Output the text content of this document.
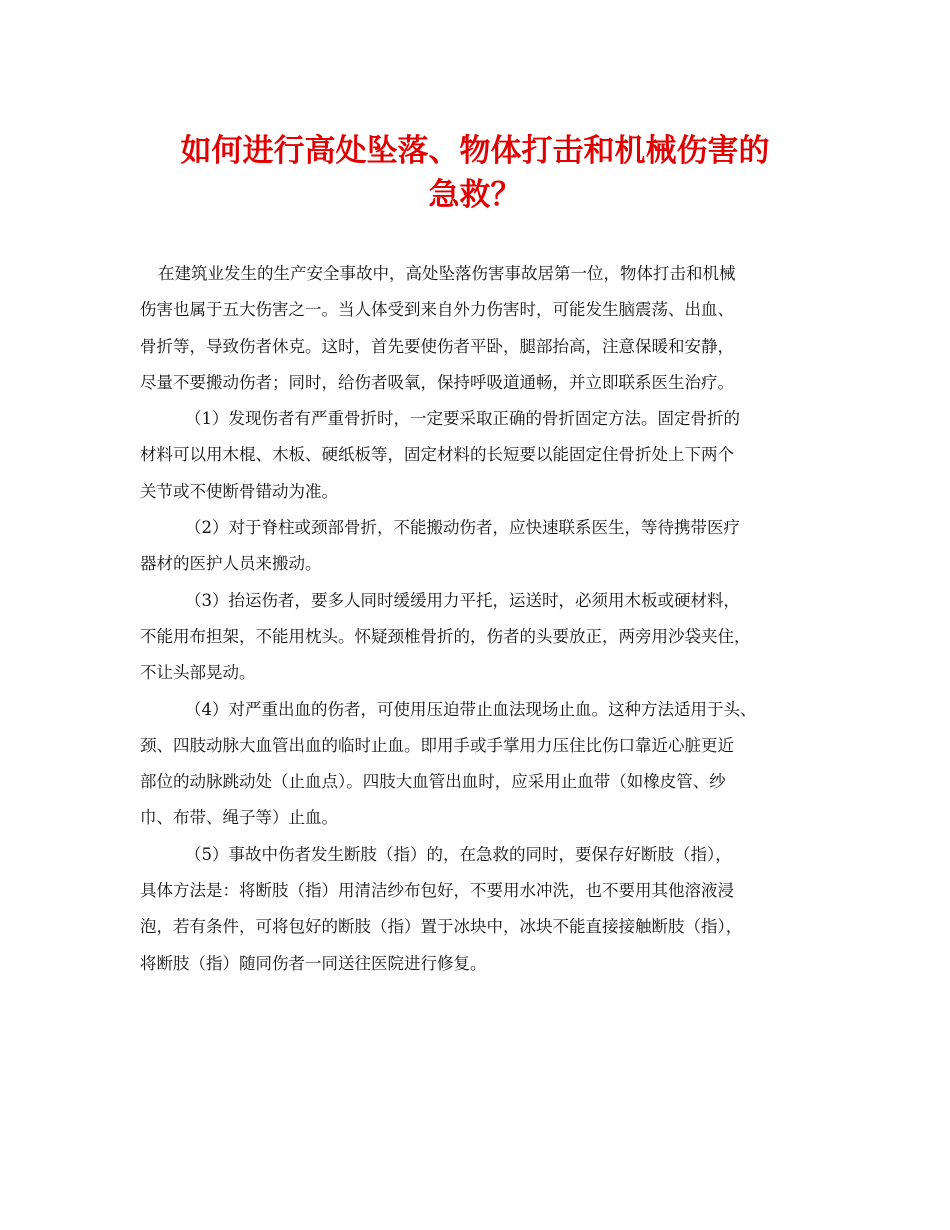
如何进行高处坠落、物体打击和机械伤害的
急救？
在建筑业发生的生产安全事故中，高处坠落伤害事故居第一位，物体打击和机械
伤害也属于五大伤害之一。当人体受到来自外力伤害时，可能发生脑震荡、出血、
骨折等，导致伤者休克。这时，首先要使伤者平卧，腿部抬高，注意保暖和安静，
尽量不要搬动伤者；同时，给伤者吸氧，保持呼吸道通畅，并立即联系医生治疗。
（1）发现伤者有严重骨折时，一定要采取正确的骨折固定方法。固定骨折的
材料可以用木棍、木板、硬纸板等，固定材料的长短要以能固定住骨折处上下两个
关节或不使断骨错动为准。
（2）对于脊柱或颈部骨折，不能搬动伤者，应快速联系医生，等待携带医疗
器材的医护人员来搬动。
（3）抬运伤者，要多人同时缓缓用力平托，运送时，必须用木板或硬材料，
不能用布担架，不能用枕头。怀疑颈椎骨折的，伤者的头要放正，两旁用沙袋夹住，
不让头部晃动。
（4）对严重出血的伤者，可使用压迫带止血法现场止血。这种方法适用于头、
颈、四肢动脉大血管出血的临时止血。即用手或手掌用力压住比伤口靠近心脏更近
部位的动脉跳动处（止血点）。四肢大血管出血时，应采用止血带（如橡皮管、纱
巾、布带、绳子等）止血。
（5）事故中伤者发生断肢（指）的，在急救的同时，要保存好断肢（指），
具体方法是：将断肢（指）用清洁纱布包好，不要用水冲洗，也不要用其他溶液浸
泡，若有条件，可将包好的断肢（指）置于冰块中，冰块不能直接接触断肢（指），
将断肢（指）随同伤者一同送往医院进行修复。
